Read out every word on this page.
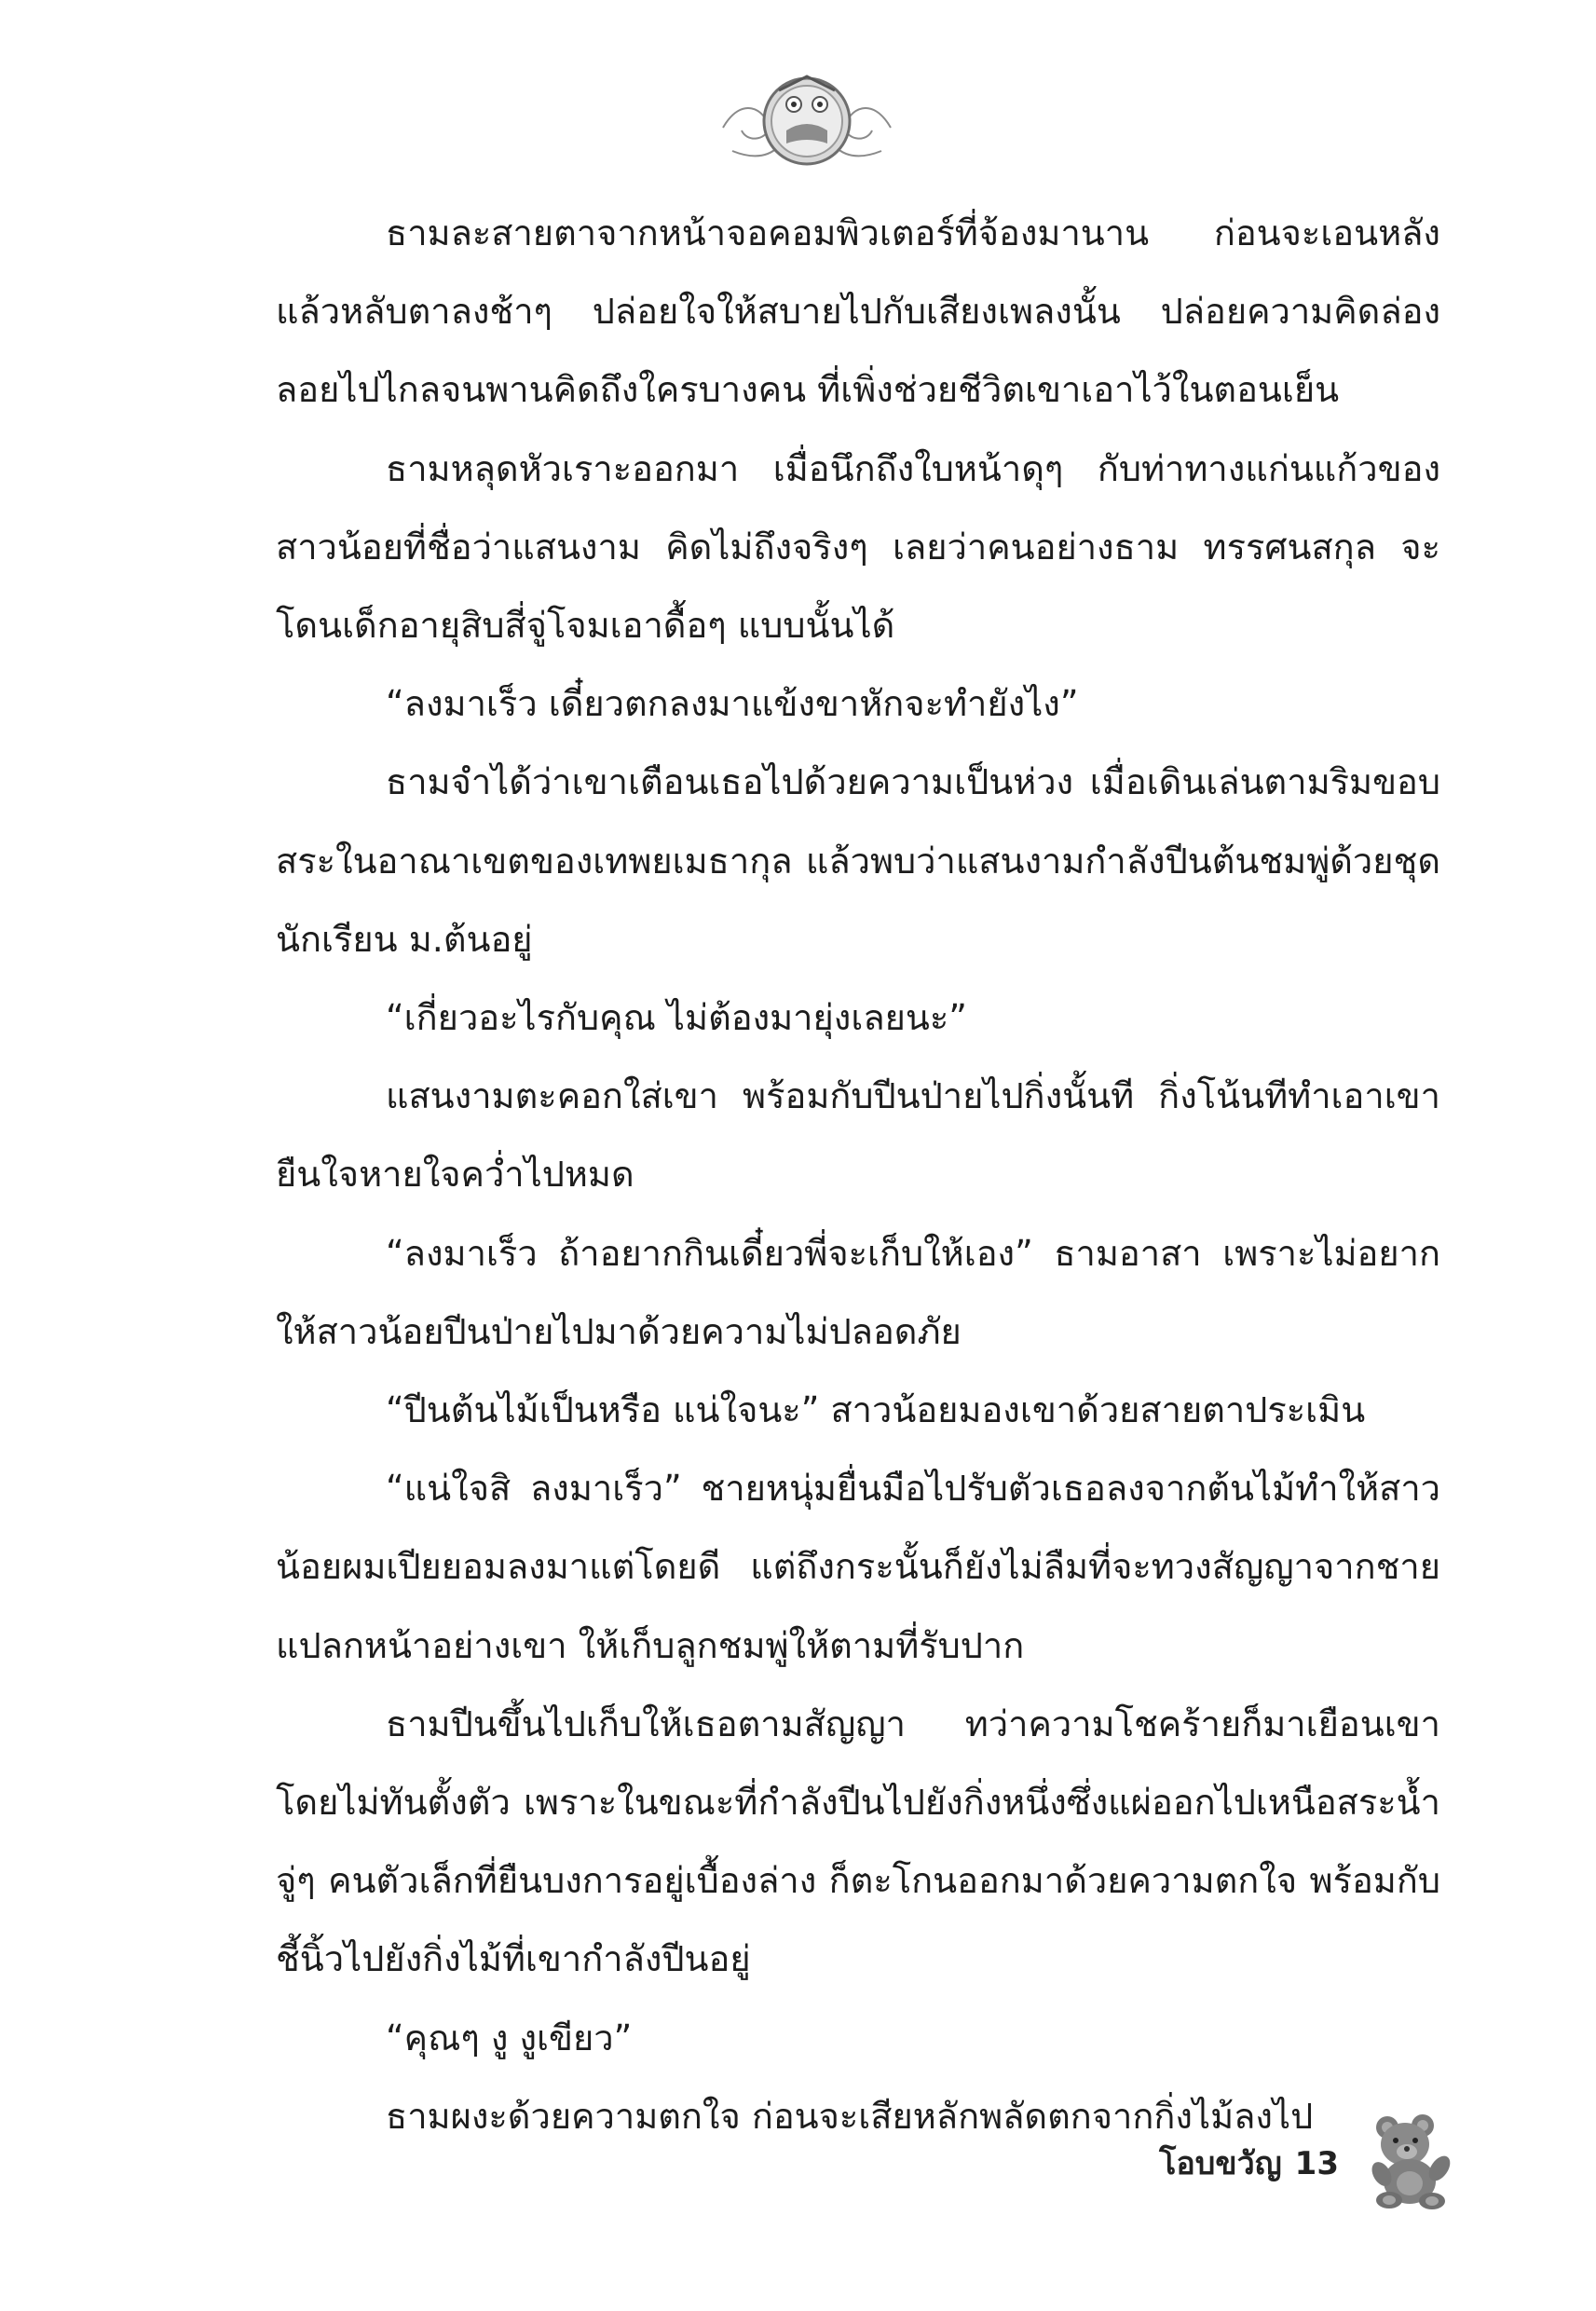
ธามละสายตาจากหน้าจอคอมพิวเตอร์ที่จ้องมานาน ก่อนจะเอนหลังแล้วหลับตาลงช้าๆ ปล่อยใจให้สบายไปกับเสียงเพลงนั้น ปล่อยความคิดล่องลอยไปไกลจนพานคิดถึงใครบางคน ที่เพิ่งช่วยชีวิตเขาเอาไว้ในตอนเย็น

ธามหลุดหัวเราะออกมา เมื่อนึกถึงใบหน้าดุๆ กับท่าทางแก่นแก้วของสาวน้อยที่ชื่อว่าแสนงาม คิดไม่ถึงจริงๆ เลยว่าคนอย่างธาม ทรรศนสกุล จะโดนเด็กอายุสิบสี่จู่โจมเอาดื้อๆ แบบนั้นได้

“ลงมาเร็ว เดี๋ยวตกลงมาแข้งขาหักจะทำยังไง”

ธามจำได้ว่าเขาเตือนเธอไปด้วยความเป็นห่วง เมื่อเดินเล่นตามริมขอบสระในอาณาเขตของเทพยเมธากุล แล้วพบว่าแสนงามกำลังปีนต้นชมพู่ด้วยชุดนักเรียน ม.ต้นอยู่

“เกี่ยวอะไรกับคุณ ไม่ต้องมายุ่งเลยนะ”

แสนงามตะคอกใส่เขา พร้อมกับปีนป่ายไปกิ่งนั้นที กิ่งโน้นทีทำเอาเขายืนใจหายใจคว่ำไปหมด

“ลงมาเร็ว ถ้าอยากกินเดี๋ยวพี่จะเก็บให้เอง” ธามอาสา เพราะไม่อยากให้สาวน้อยปีนป่ายไปมาด้วยความไม่ปลอดภัย

“ปีนต้นไม้เป็นหรือ แน่ใจนะ” สาวน้อยมองเขาด้วยสายตาประเมิน

“แน่ใจสิ ลงมาเร็ว” ชายหนุ่มยื่นมือไปรับตัวเธอลงจากต้นไม้ทำให้สาวน้อยผมเปียยอมลงมาแต่โดยดี แต่ถึงกระนั้นก็ยังไม่ลืมที่จะทวงสัญญาจากชายแปลกหน้าอย่างเขา ให้เก็บลูกชมพู่ให้ตามที่รับปาก

ธามปีนขึ้นไปเก็บให้เธอตามสัญญา ทว่าความโชคร้ายก็มาเยือนเขาโดยไม่ทันตั้งตัว เพราะในขณะที่กำลังปีนไปยังกิ่งหนึ่งซึ่งแผ่ออกไปเหนือสระน้ำ จู่ๆ คนตัวเล็กที่ยืนบงการอยู่เบื้องล่าง ก็ตะโกนออกมาด้วยความตกใจ พร้อมกับชี้นิ้วไปยังกิ่งไม้ที่เขากำลังปีนอยู่

“คุณๆ งู งูเขียว”

ธามผงะด้วยความตกใจ ก่อนจะเสียหลักพลัดตกจากกิ่งไม้ลงไป

โอบขวัญ 13
